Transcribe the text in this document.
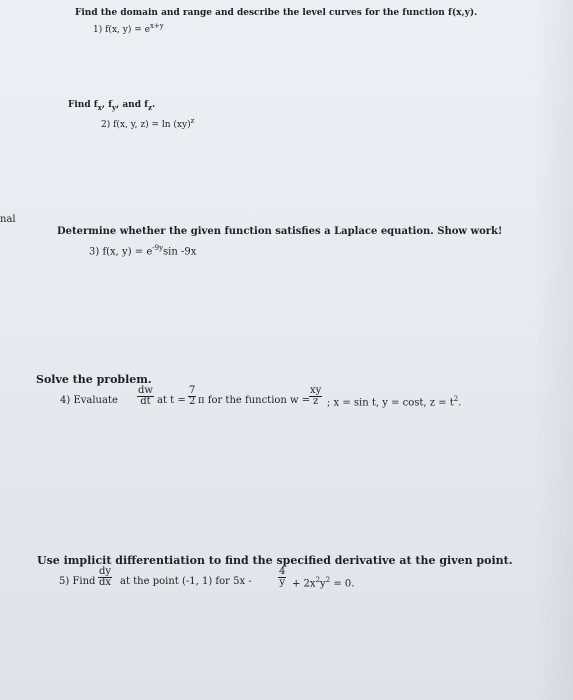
nal
Find the domain and range and describe the level curves for the function f(x,y).
1) f(x, $y) = e^{x+y}$
Find $f_x$, $f_y$, and $f_z$.
2) f(x, y, z) = ln (xy)$^z$
Determine whether the given function satisfies a Laplace equation. Show work!
3) f(x, $y) = e^{-9y}\sin$ -9x
Solve the problem.
4) Evaluate $\frac{dw}{dt}$ at $t = \frac{7}{2}$ π for the function w =
$\frac{xy}{z}$ ; x = sin t, y = cost, $z = t^2$.
Use implicit differentiation to find the specified derivative at the given point.
5) Find $\frac{dy}{dx}$ at the point (-1, 1) for 5x -	$\frac{4}{y} + 2x^2y^2 = 0$.
